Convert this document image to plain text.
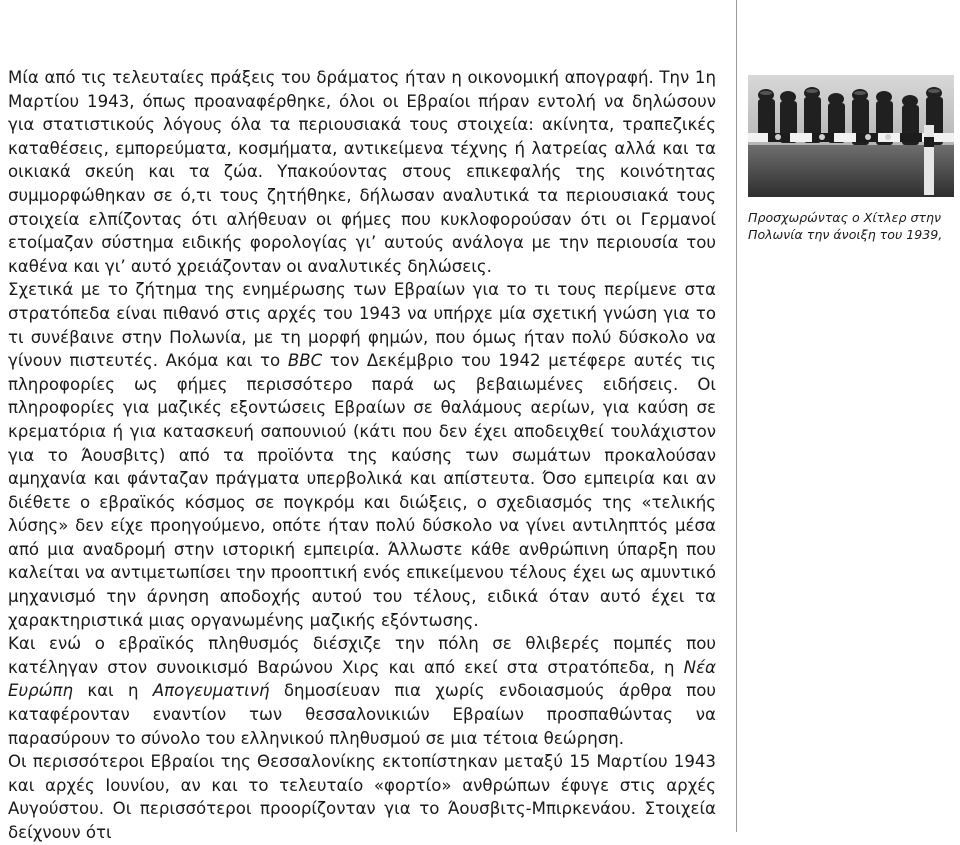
Μία από τις τελευταίες πράξεις του δράματος ήταν η οικονομική απογραφή. Την 1η Μαρτίου 1943, όπως προαναφέρθηκε, όλοι οι Εβραίοι πήραν εντολή να δηλώσουν για στατιστικούς λόγους όλα τα περιουσιακά τους στοιχεία: ακίνητα, τραπεζικές καταθέσεις, εμπορεύματα, κοσμήματα, αντικείμενα τέχνης ή λατρείας αλλά και τα οικιακά σκεύη και τα ζώα. Υπακούοντας στους επικεφαλής της κοινότητας συμμορφώθηκαν σε ό,τι τους ζητήθηκε, δήλωσαν αναλυτικά τα περιουσιακά τους στοιχεία ελπίζοντας ότι αλήθευαν οι φήμες που κυκλοφορούσαν ότι οι Γερμανοί ετοίμαζαν σύστημα ειδικής φορολογίας γι’ αυτούς ανάλογα με την περιουσία του καθένα και γι’ αυτό χρειάζονταν οι αναλυτικές δηλώσεις.

Σχετικά με το ζήτημα της ενημέρωσης των Εβραίων για το τι τους περίμενε στα στρατόπεδα είναι πιθανό στις αρχές του 1943 να υπήρχε μία σχετική γνώση για το τι συνέβαινε στην Πολωνία, με τη μορφή φημών, που όμως ήταν πολύ δύσκολο να γίνουν πιστευτές. Ακόμα και το BBC τον Δεκέμβριο του 1942 μετέφερε αυτές τις πληροφορίες ως φήμες περισσότερο παρά ως βεβαιωμένες ειδήσεις. Οι πληροφορίες για μαζικές εξοντώσεις Εβραίων σε θαλάμους αερίων, για καύση σε κρεματόρια ή για κατασκευή σαπουνιού (κάτι που δεν έχει αποδειχθεί τουλάχιστον για το Άουσβιτς) από τα προϊόντα της καύσης των σωμάτων προκαλούσαν αμηχανία και φάνταζαν πράγματα υπερβολικά και απίστευτα. Όσο εμπειρία και αν διέθετε ο εβραϊκός κόσμος σε πογκρόμ και διώξεις, ο σχεδιασμός της «τελικής λύσης» δεν είχε προηγούμενο, οπότε ήταν πολύ δύσκολο να γίνει αντιληπτός μέσα από μια αναδρομή στην ιστορική εμπειρία. Άλλωστε κάθε ανθρώπινη ύπαρξη που καλείται να αντιμετωπίσει την προοπτική ενός επικείμενου τέλους έχει ως αμυντικό μηχανισμό την άρνηση αποδοχής αυτού του τέλους, ειδικά όταν αυτό έχει τα χαρακτηριστικά μιας οργανωμένης μαζικής εξόντωσης.

Και ενώ ο εβραϊκός πληθυσμός διέσχιζε την πόλη σε θλιβερές πομπές που κατέληγαν στον συνοικισμό Βαρώνου Χιρς και από εκεί στα στρατόπεδα, η Νέα Ευρώπη και η Απογευματινή δημοσίευαν πια χωρίς ενδοιασμούς άρθρα που καταφέρονταν εναντίον των θεσσαλονικιών Εβραίων προσπαθώντας να παρασύρουν το σύνολο του ελληνικού πληθυσμού σε μια τέτοια θεώρηση.

Οι περισσότεροι Εβραίοι της Θεσσαλονίκης εκτοπίστηκαν μεταξύ 15 Μαρτίου 1943 και αρχές Ιουνίου, αν και το τελευταίο «φορτίο» ανθρώπων έφυγε στις αρχές Αυγούστου. Οι περισσότεροι προορίζονταν για το Άουσβιτς-Μπιρκενάου. Στοιχεία δείχνουν ότι

Προσχωρώντας ο Χίτλερ στην Πολωνία την άνοιξη του 1939,
